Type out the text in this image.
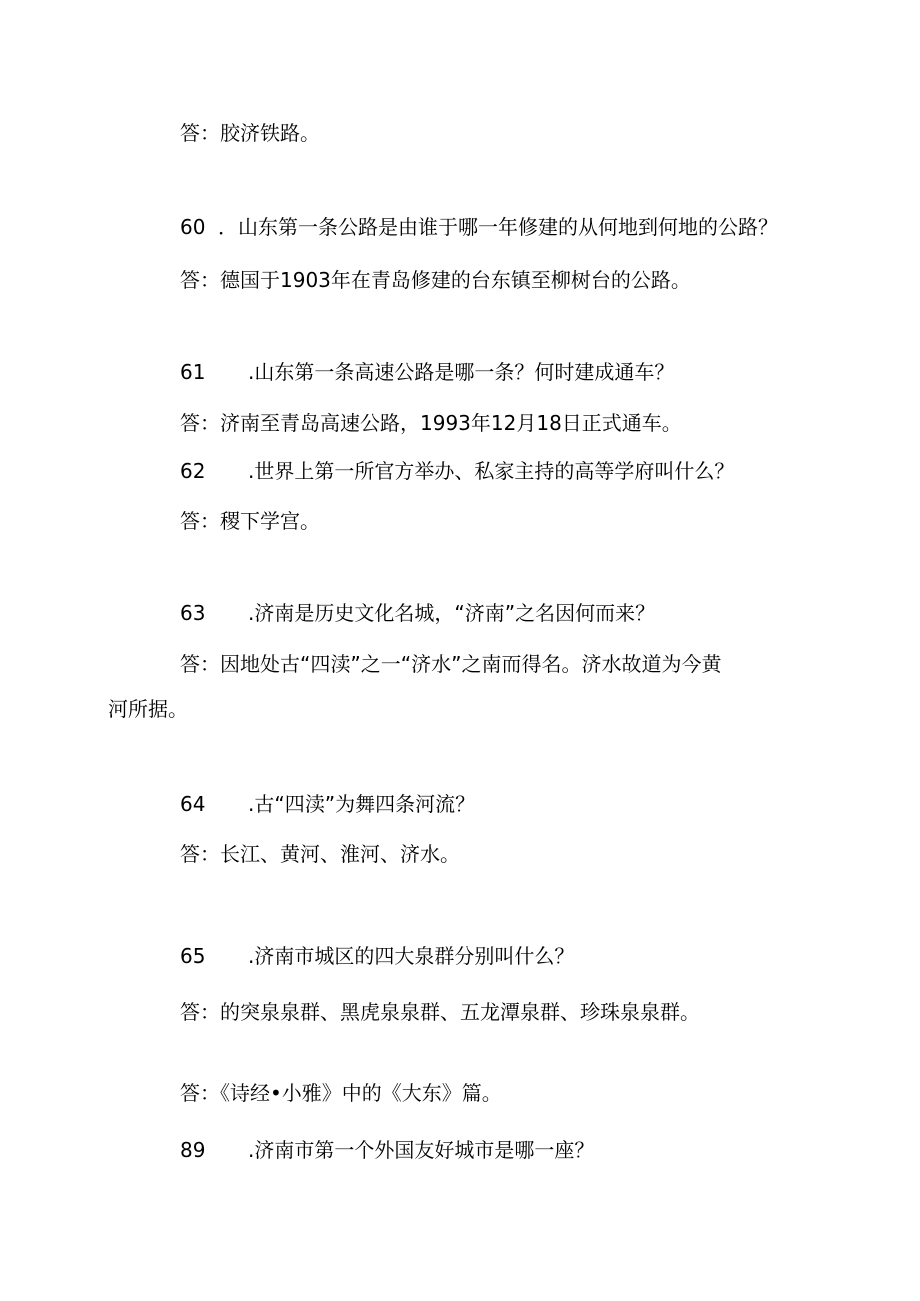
答：胶济铁路。
60 ．山东第一条公路是由谁于哪一年修建的从何地到何地的公路？
答：德国于1903年在青岛修建的台东镇至柳树台的公路。
61 .山东第一条高速公路是哪一条？何时建成通车？
答：济南至青岛高速公路，1993年12月18日正式通车。
62 .世界上第一所官方举办、私家主持的高等学府叫什么？
答：稷下学宫。
63 .济南是历史文化名城，“济南”之名因何而来？
答：因地处古“四渎”之一“济水”之南而得名。济水故道为今黄
河所据。
64 .古“四渎”为舞四条河流？
答：长江、黄河、淮河、济水。
65 .济南市城区的四大泉群分别叫什么？
答：的突泉泉群、黑虎泉泉群、五龙潭泉群、珍珠泉泉群。
答：《诗经•小雅》中的《大东》篇。
89 .济南市第一个外国友好城市是哪一座？
